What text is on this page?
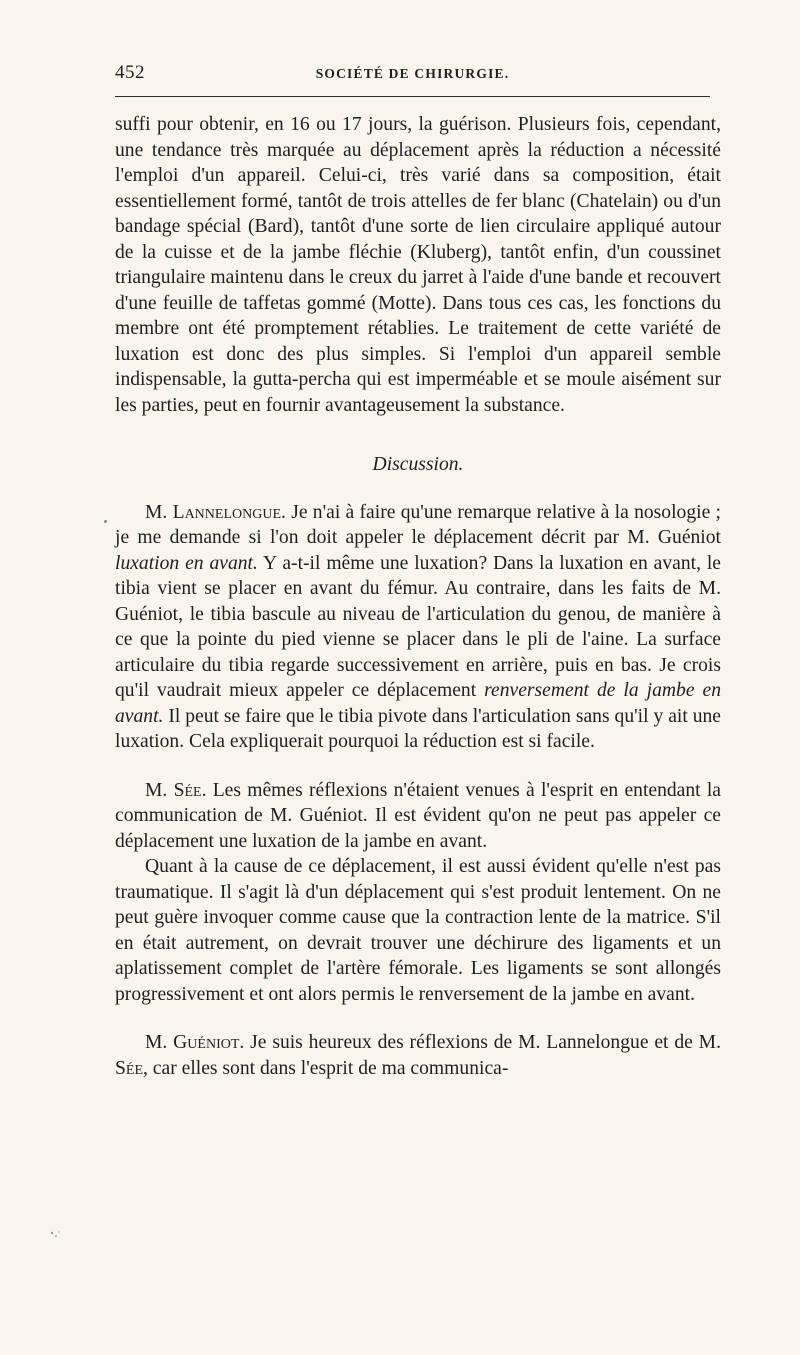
452	SOCIÉTÉ DE CHIRURGIE.

suffi pour obtenir, en 16 ou 17 jours, la guérison. Plusieurs fois, cependant, une tendance très marquée au déplacement après la réduction a nécessité l'emploi d'un appareil. Celui-ci, très varié dans sa composition, était essentiellement formé, tantôt de trois attelles de fer blanc (Chatelain) ou d'un bandage spécial (Bard), tantôt d'une sorte de lien circulaire appliqué autour de la cuisse et de la jambe fléchie (Kluberg), tantôt enfin, d'un coussinet triangulaire maintenu dans le creux du jarret à l'aide d'une bande et recouvert d'une feuille de taffetas gommé (Motte). Dans tous ces cas, les fonctions du membre ont été promptement rétablies. Le traitement de cette variété de luxation est donc des plus simples. Si l'emploi d'un appareil semble indispensable, la gutta-percha qui est imperméable et se moule aisément sur les parties, peut en fournir avantageusement la substance.

Discussion.

M. Lannelongue. Je n'ai à faire qu'une remarque relative à la nosologie ; je me demande si l'on doit appeler le déplacement décrit par M. Guéniot luxation en avant. Y a-t-il même une luxation? Dans la luxation en avant, le tibia vient se placer en avant du fémur. Au contraire, dans les faits de M. Guéniot, le tibia bascule au niveau de l'articulation du genou, de manière à ce que la pointe du pied vienne se placer dans le pli de l'aine. La surface articulaire du tibia regarde successivement en arrière, puis en bas. Je crois qu'il vaudrait mieux appeler ce déplacement renversement de la jambe en avant. Il peut se faire que le tibia pivote dans l'articulation sans qu'il y ait une luxation. Cela expliquerait pourquoi la réduction est si facile.

M. Sée. Les mêmes réflexions n'étaient venues à l'esprit en entendant la communication de M. Guéniot. Il est évident qu'on ne peut pas appeler ce déplacement une luxation de la jambe en avant.

Quant à la cause de ce déplacement, il est aussi évident qu'elle n'est pas traumatique. Il s'agit là d'un déplacement qui s'est produit lentement. On ne peut guère invoquer comme cause que la contraction lente de la matrice. S'il en était autrement, on devrait trouver une déchirure des ligaments et un aplatissement complet de l'artère fémorale. Les ligaments se sont allongés progressivement et ont alors permis le renversement de la jambe en avant.

M. Guéniot. Je suis heureux des réflexions de M. Lannelongue et de M. Sée, car elles sont dans l'esprit de ma communica-
